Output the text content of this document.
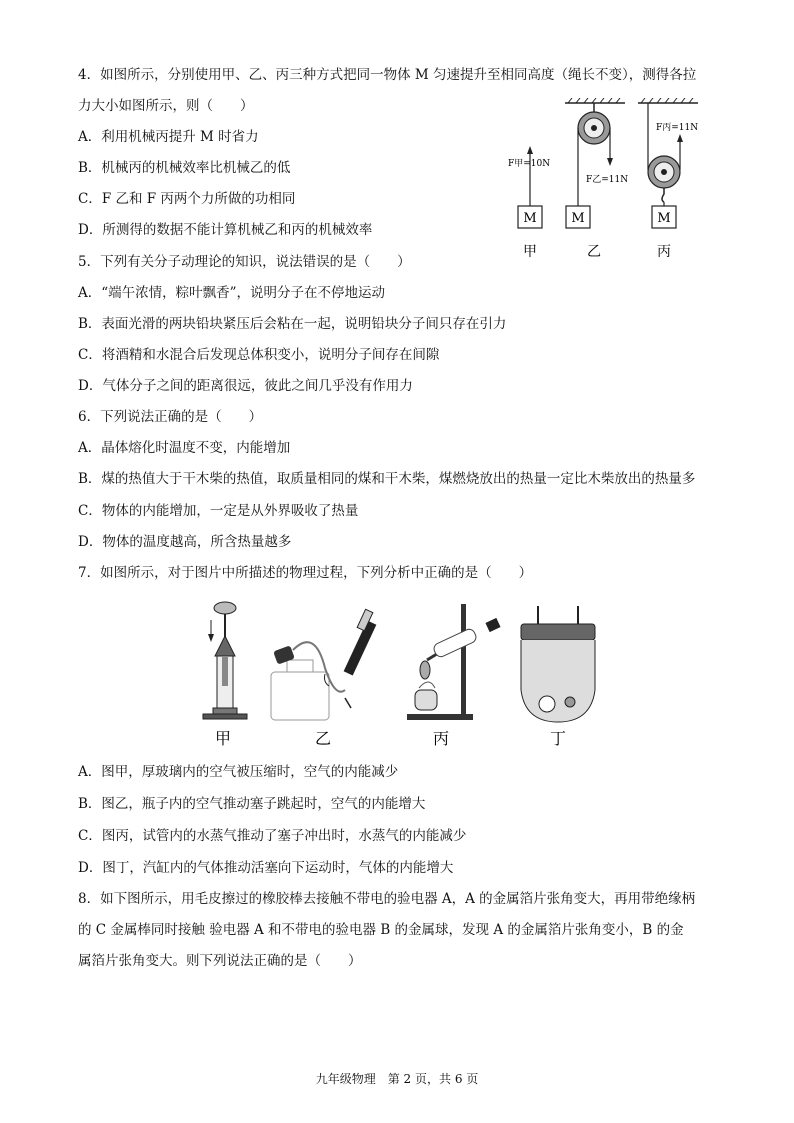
4．如图所示，分别使用甲、乙、丙三种方式把同一物体 M 匀速提升至相同高度（绳长不变），测得各拉
力大小如图所示，则（　　）
A．利用机械丙提升 M 时省力
B．机械丙的机械效率比机械乙的低
C．F 乙和 F 丙两个力所做的功相同
D．所测得的数据不能计算机械乙和丙的机械效率
M
F甲=10N
甲
M
F乙=11N
乙
M
F丙=11N
丙
5．下列有关分子动理论的知识，说法错误的是（　　）
A．“端午浓情，粽叶飘香”，说明分子在不停地运动
B．表面光滑的两块铅块紧压后会粘在一起，说明铅块分子间只存在引力
C．将酒精和水混合后发现总体积变小，说明分子间存在间隙
D．气体分子之间的距离很远，彼此之间几乎没有作用力
6．下列说法正确的是（　　）
A．晶体熔化时温度不变，内能增加
B．煤的热值大于干木柴的热值，取质量相同的煤和干木柴，煤燃烧放出的热量一定比木柴放出的热量多
C．物体的内能增加，一定是从外界吸收了热量
D．物体的温度越高，所含热量越多
7．如图所示，对于图片中所描述的物理过程，下列分析中正确的是（　　）
甲	乙	丙	丁
A．图甲，厚玻璃内的空气被压缩时，空气的内能减少
B．图乙，瓶子内的空气推动塞子跳起时，空气的内能增大
C．图丙，试管内的水蒸气推动了塞子冲出时，水蒸气的内能减少
D．图丁，汽缸内的气体推动活塞向下运动时，气体的内能增大
8．如下图所示，用毛皮擦过的橡胶棒去接触不带电的验电器 A，A 的金属箔片张角变大，再用带绝缘柄
的 C 金属棒同时接触 验电器 A 和不带电的验电器 B 的金属球，发现 A 的金属箔片张角变小，B 的金
属箔片张角变大。则下列说法正确的是（　　）
九年级物理　第 2 页，共 6 页
